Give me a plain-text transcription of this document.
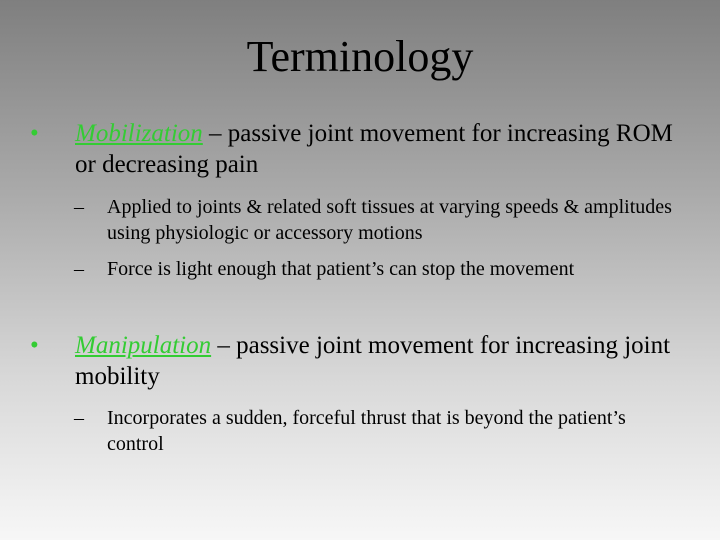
Terminology
• Mobilization – passive joint movement for increasing ROM or decreasing pain
– Applied to joints & related soft tissues at varying speeds & amplitudes using physiologic or accessory motions
– Force is light enough that patient’s can stop the movement
• Manipulation – passive joint movement for increasing joint mobility
– Incorporates a sudden, forceful thrust that is beyond the patient’s control
